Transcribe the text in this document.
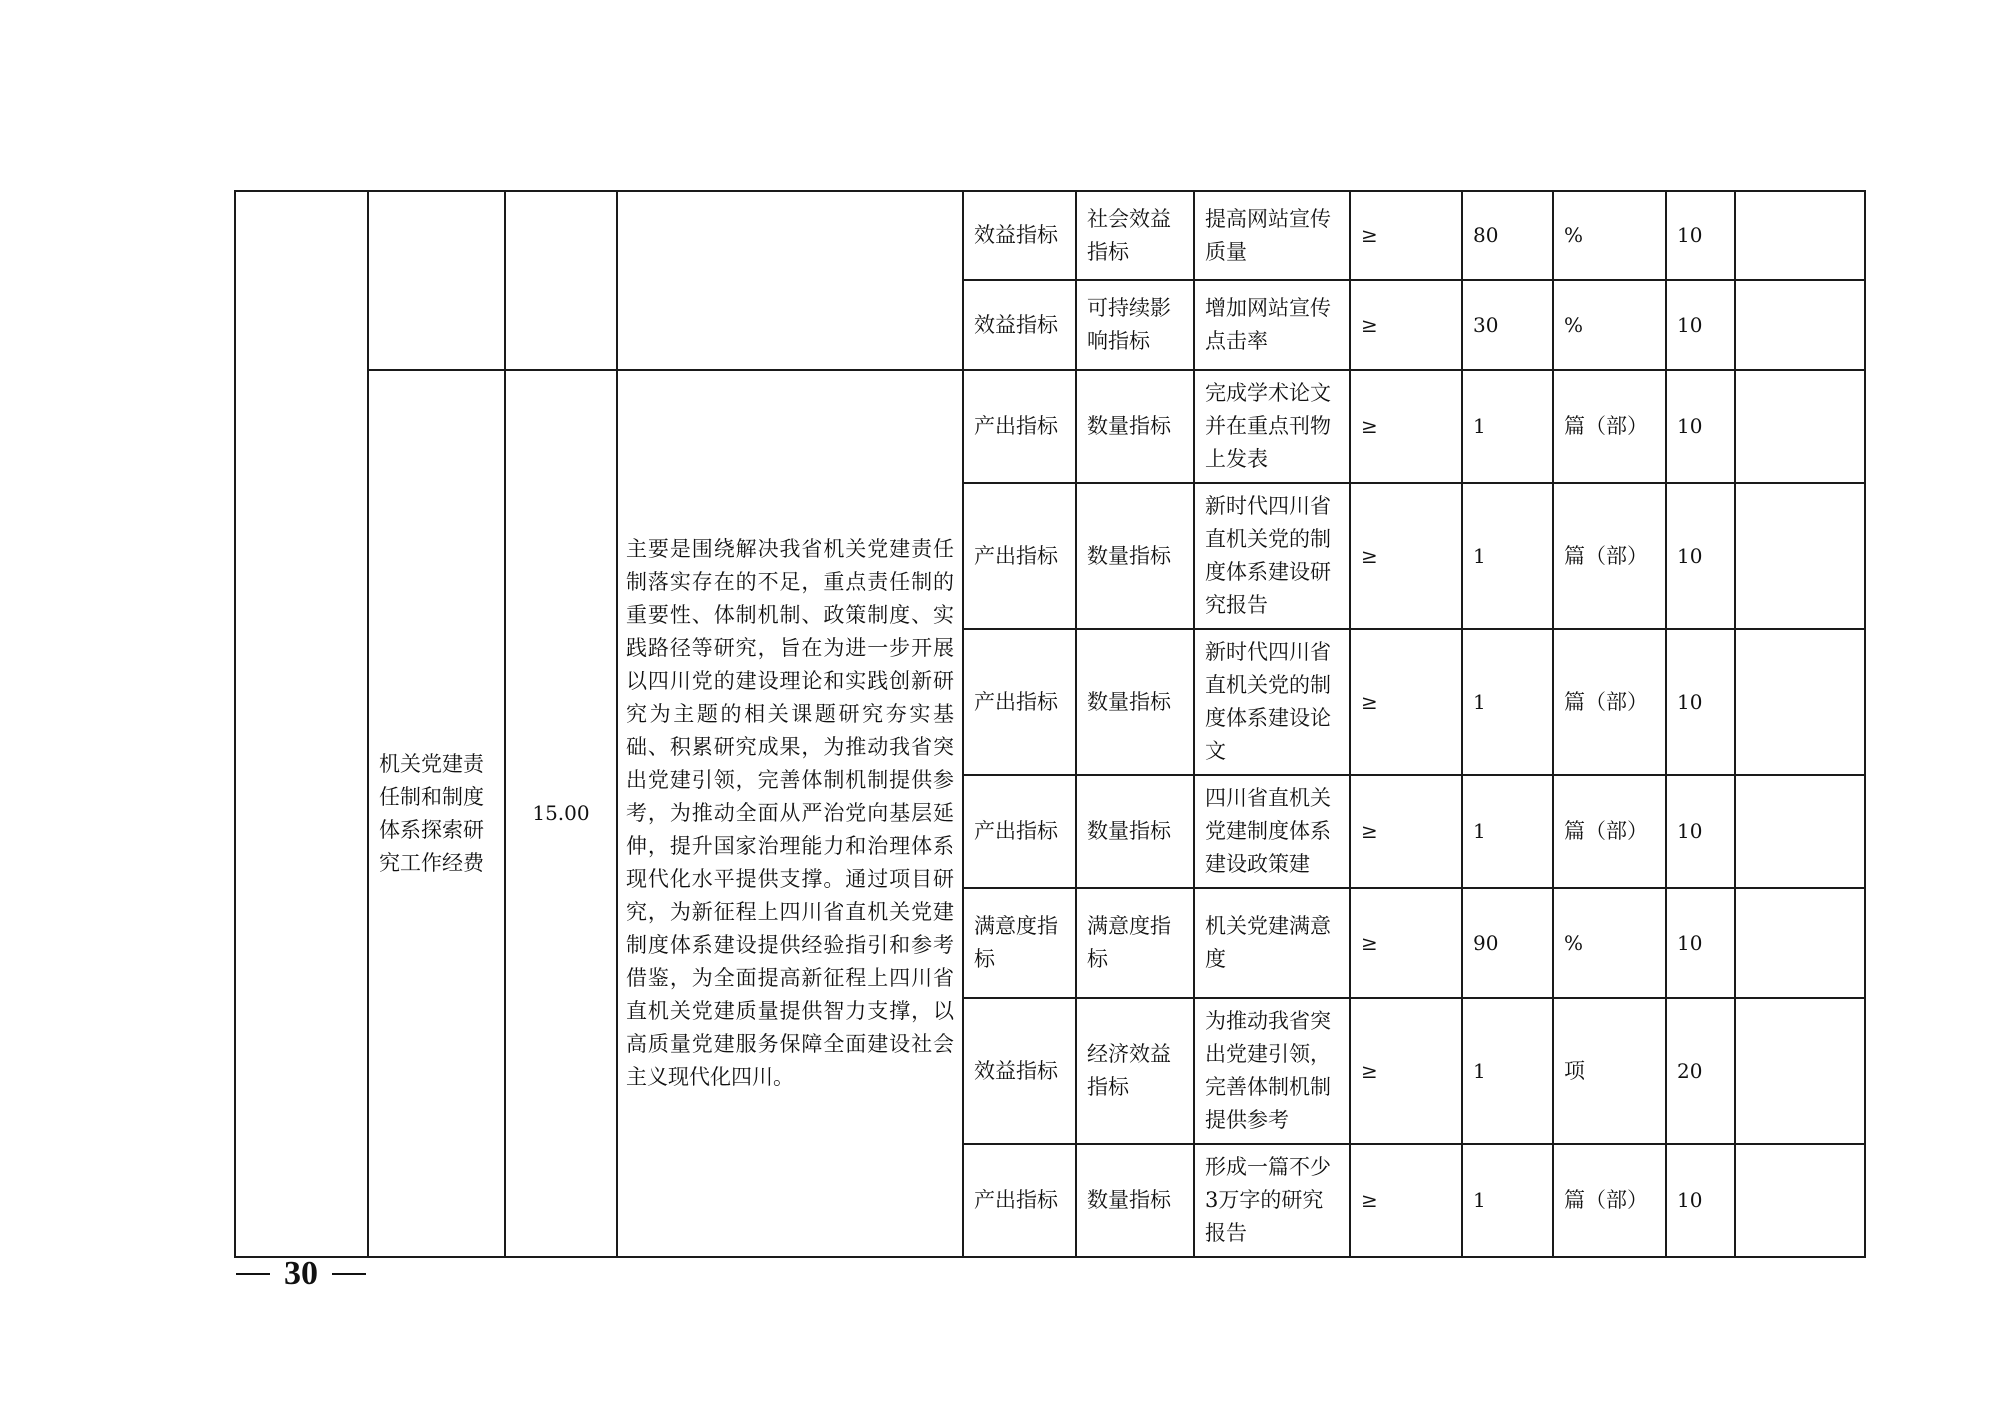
				效益指标	社会效益指标	提高网站宣传质量	≥	80	%	10	
				效益指标	可持续影响指标	增加网站宣传点击率	≥	30	%	10	
	机关党建责任制和制度体系探索研究工作经费	15.00	主要是围绕解决我省机关党建责任制落实存在的不足，重点责任制的重要性、体制机制、政策制度、实践路径等研究，旨在为进一步开展以四川党的建设理论和实践创新研究为主题的相关课题研究夯实基础、积累研究成果，为推动我省突出党建引领，完善体制机制提供参考，为推动全面从严治党向基层延伸，提升国家治理能力和治理体系现代化水平提供支撑。通过项目研究，为新征程上四川省直机关党建制度体系建设提供经验指引和参考借鉴，为全面提高新征程上四川省直机关党建质量提供智力支撑，以高质量党建服务保障全面建设社会主义现代化四川。	产出指标	数量指标	完成学术论文并在重点刊物上发表	≥	1	篇（部）	10	
				产出指标	数量指标	新时代四川省直机关党的制度体系建设研究报告	≥	1	篇（部）	10	
				产出指标	数量指标	新时代四川省直机关党的制度体系建设论文	≥	1	篇（部）	10	
				产出指标	数量指标	四川省直机关党建制度体系建设政策建	≥	1	篇（部）	10	
				满意度指标	满意度指标	机关党建满意度	≥	90	%	10	
				效益指标	经济效益指标	为推动我省突出党建引领，完善体制机制提供参考	≥	1	项	20	
				产出指标	数量指标	形成一篇不少3万字的研究报告	≥	1	篇（部）	10	
30
